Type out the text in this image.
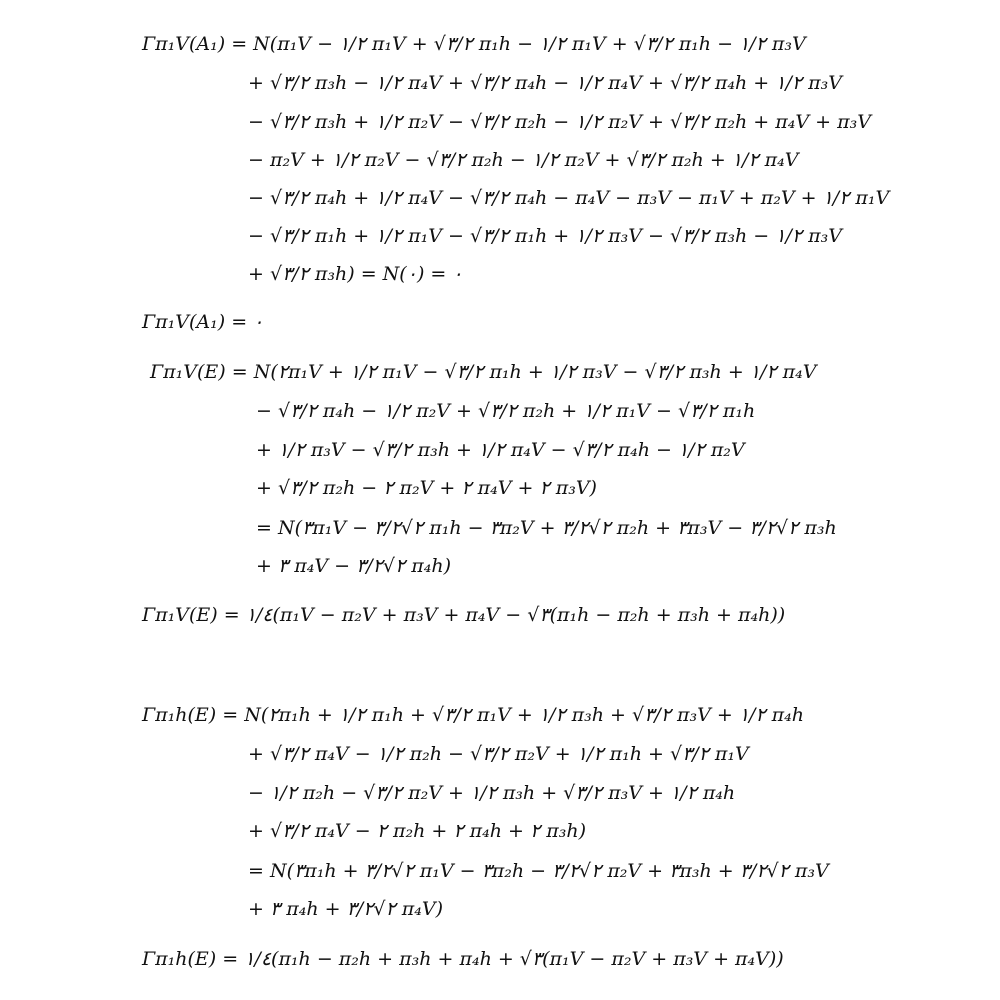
Γπ₁V(A₁) = N(π₁V − ١/٢ π₁V + √٣/٢ π₁h − ١/٢ π₁V + √٣/٢ π₁h − ١/٢ π₃V
+ √٣/٢ π₃h − ١/٢ π₄V + √٣/٢ π₄h − ١/٢ π₄V + √٣/٢ π₄h + ١/٢ π₃V
− √٣/٢ π₃h + ١/٢ π₂V − √٣/٢ π₂h − ١/٢ π₂V + √٣/٢ π₂h + π₄V + π₃V
− π₂V + ١/٢ π₂V − √٣/٢ π₂h − ١/٢ π₂V + √٣/٢ π₂h + ١/٢ π₄V
− √٣/٢ π₄h + ١/٢ π₄V − √٣/٢ π₄h − π₄V − π₃V − π₁V + π₂V + ١/٢ π₁V
− √٣/٢ π₁h + ١/٢ π₁V − √٣/٢ π₁h + ١/٢ π₃V − √٣/٢ π₃h − ١/٢ π₃V
+ √٣/٢ π₃h) = N(٠) = ٠
Γπ₁V(A₁) = ٠
Γπ₁V(E) = N(٢π₁V + ١/٢ π₁V − √٣/٢ π₁h + ١/٢ π₃V − √٣/٢ π₃h + ١/٢ π₄V
− √٣/٢ π₄h − ١/٢ π₂V + √٣/٢ π₂h + ١/٢ π₁V − √٣/٢ π₁h
+ ١/٢ π₃V − √٣/٢ π₃h + ١/٢ π₄V − √٣/٢ π₄h − ١/٢ π₂V
+ √٣/٢ π₂h − ٢ π₂V + ٢ π₄V + ٢ π₃V)
= N(٣π₁V − ٢√٣/٢ π₁h − ٣π₂V + ٢√٣/٢ π₂h + ٣π₃V − ٢√٣/٢ π₃h
+ ٣ π₄V − ٢√٣/٢ π₄h)
Γπ₁V(E) = ١/٤(π₁V − π₂V + π₃V + π₄V − √٣(π₁h − π₂h + π₃h + π₄h))
Γπ₁h(E) = N(٢π₁h + ١/٢ π₁h + √٣/٢ π₁V + ١/٢ π₃h + √٣/٢ π₃V + ١/٢ π₄h
+ √٣/٢ π₄V − ١/٢ π₂h − √٣/٢ π₂V + ١/٢ π₁h + √٣/٢ π₁V
− ١/٢ π₂h − √٣/٢ π₂V + ١/٢ π₃h + √٣/٢ π₃V + ١/٢ π₄h
+ √٣/٢ π₄V − ٢ π₂h + ٢ π₄h + ٢ π₃h)
= N(٣π₁h + ٢√٣/٢ π₁V − ٣π₂h − ٢√٣/٢ π₂V + ٣π₃h + ٢√٣/٢ π₃V
+ ٣ π₄h + ٢√٣/٢ π₄V)
Γπ₁h(E) = ١/٤(π₁h − π₂h + π₃h + π₄h + √٣(π₁V − π₂V + π₃V + π₄V))
